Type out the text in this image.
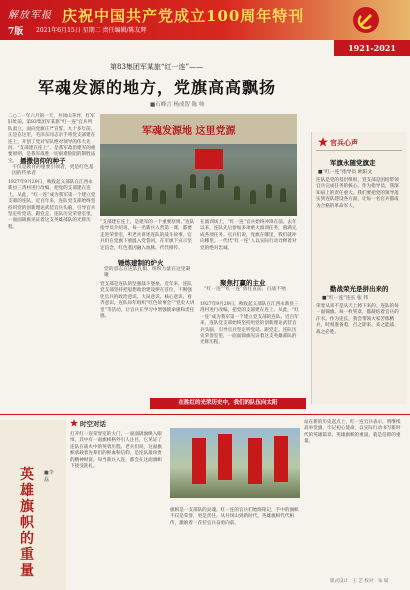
解放军报 庆祝中国共产党成立100周年特刊
7版 2021年6月15日 星期二 责任编辑/陈友辉
1921-2021
第83集团军某旅“红一连”——
军魂发源的地方，党旗高高飘扬
■石峰言 杨成智 陈 帅
二○二一年六月的一天，井冈山茅坪，红军旧址前。第83集团军某旅“红一连”官兵列队肃立，面向党旗庄严宣誓。九十多年前，正是在这里，毛泽东同志亲手将党支部建在连上，开创了党对军队绝对领导的伟大先河。“支部建在连上”，是我军政治建军的重要原则，是我军战胜一切艰难险阻的制胜法宝。 播撒信仰的种子
不仅是教育的重要引领者，更是红色基因的传承者
1927年9月29日，秋收起义部队在江西永新县三湾村进行改编，把党的支部建在连上。从此，“红一连”成为我军第一个建立党支部的连队。近百年来，连队党支部始终坚持用党的创新理论武装官兵头脑，引导官兵坚定听党话、跟党走。连队历史荣誉室里，一面面锦旗见证着这支英雄部队的光辉历程。
军魂发源地 这里党源
“支部建在连上，是建军的一个重要原则。”连队指导员介绍说，每一名新兵入营第一课，都要走进荣誉室，听老兵讲述连队的战斗故事。官兵们在党旗下重温入党誓词，在军旗下宣示坚定信念，红色基因融入血脉、代代相传。
锤炼建制的炉火
党的意志在连队扎根，组织力量在这里凝聚
党支部是连队的坚强战斗堡垒。近年来，连队党支部坚持把思想政治建设摆在首位，不断强化官兵的政治意识、大局意识、核心意识、看齐意识。连队每年组织“红色故事会”“党史大讲堂”等活动，让官兵在学习中增强使命感和责任感。
在演训场上，“红一连”官兵始终冲锋在前。去年以来，连队先后参加多项重大演训任务，圆满完成各项任务。官兵们说，党旗在哪里，我们就冲向哪里。一代代“红一连”人以实际行动诠释着对党的绝对忠诚。
聚焦打赢的主业
“红一连”“红一连”勇往直前、百战不殆
1927年9月29日，秋收起义部队在江西永新县三湾村进行改编，把党的支部建在连上。从此，“红一连”成为我军第一个建立党支部的连队。近百年来，连队党支部始终坚持用党的创新理论武装官兵头脑，引导官兵坚定听党话、跟党走。连队历史荣誉室里，一面面锦旗见证着这支英雄部队的光辉历程。
官兵心声
军旗永随党旗走
■“红一连”指导员 欧阳文
连队是党的基层组织，党支部是团结带领官兵完成任务的核心。作为指导员，我深知肩上的责任重大。我们要把党的领导落实到连队建设各方面，让每一名官兵都成为合格的革命军人。
勤战荣光是拼出来的
■“红一连”连长 张 伟
荣誉从来不是从天上掉下来的。连队的每一面锦旗、每一枚奖章，都凝结着官兵的汗水。作为连长，我会带领大家苦练精兵，时刻准备着，召之即来、来之能战、战之必胜。
在胜红的光荣历史中，我们的队伍向太阳
英雄旗帜的重量
■李 磊
时空对话
打开红一连荣誉室的大门，一面面锦旗映入眼帘。其中有一面旗帜格外引人注目，它见证了连队在战火中的英勇历程。老兵们说，这面旗帜承载着先辈们的鲜血和信仰，是连队最珍贵的精神财富。每当新兵入连，都会在这面旗帜下接受洗礼。
旗帜是一支部队的灵魂。红一连的官兵们始终铭记，手中的旗帜不仅是荣誉，更是责任。从井冈山到新时代，英雄旗帜代代相传，激励着一茬茬官兵奋勇向前。
站在新的历史起点上，红一连官兵表示，将继续高举党旗，牢记初心使命，以实际行动书写新时代的英雄篇章。英雄旗帜的重量，就是信仰的重量。
版式设计：王 艺 校对：朱 斌
